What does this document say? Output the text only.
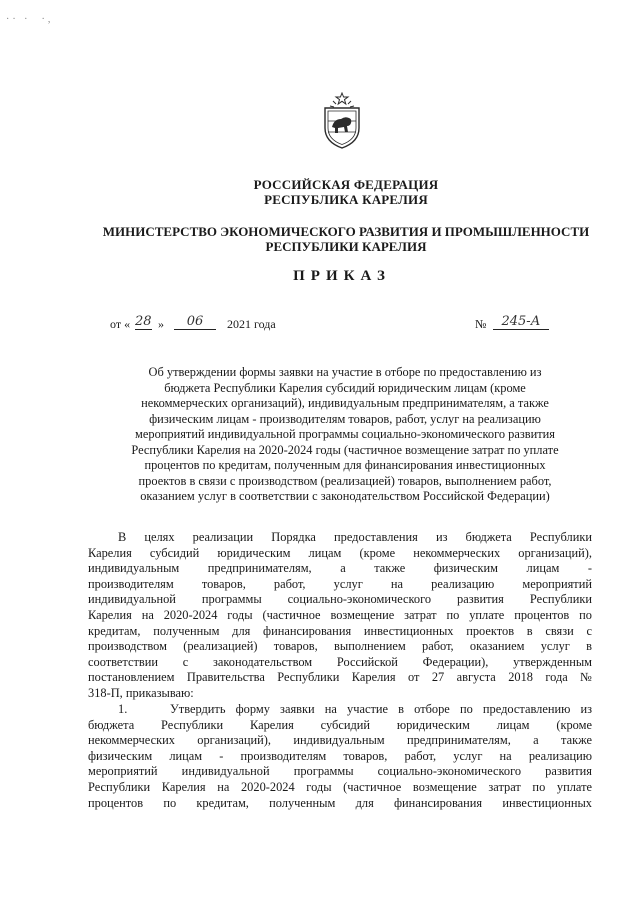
·· ·  ·,
РОССИЙСКАЯ ФЕДЕРАЦИЯ
РЕСПУБЛИКА КАРЕЛИЯ
МИНИСТЕРСТВО ЭКОНОМИЧЕСКОГО РАЗВИТИЯ И ПРОМЫШЛЕННОСТИ
РЕСПУБЛИКИ КАРЕЛИЯ
ПРИКАЗ
от « 28 »	06	2021 года	№	245-А
Об утверждении формы заявки на участие в отборе по предоставлению из
бюджета Республики Карелия субсидий юридическим лицам (кроме
некоммерческих организаций), индивидуальным предпринимателям, а также
физическим лицам - производителям товаров, работ, услуг на реализацию
мероприятий индивидуальной программы социально-экономического развития
Республики Карелия на 2020-2024 годы (частичное возмещение затрат по уплате
процентов по кредитам, полученным для финансирования инвестиционных
проектов в связи с производством (реализацией) товаров, выполнением работ,
оказанием услуг в соответствии с законодательством Российской Федерации)
В целях реализации Порядка предоставления из бюджета Республики
Карелия субсидий юридическим лицам (кроме некоммерческих организаций),
индивидуальным предпринимателям, а также физическим лицам -
производителям товаров, работ, услуг на реализацию мероприятий
индивидуальной программы социально-экономического развития Республики
Карелия на 2020-2024 годы (частичное возмещение затрат по уплате процентов по
кредитам, полученным для финансирования инвестиционных проектов в связи с
производством (реализацией) товаров, выполнением работ, оказанием услуг в
соответствии с законодательством Российской Федерации), утвержденным
постановлением Правительства Республики Карелия от 27 августа 2018 года №
318-П, приказываю:
1.	Утвердить форму заявки на участие в отборе по предоставлению из
бюджета Республики Карелия субсидий юридическим лицам (кроме
некоммерческих организаций), индивидуальным предпринимателям, а также
физическим лицам - производителям товаров, работ, услуг на реализацию
мероприятий индивидуальной программы социально-экономического развития
Республики Карелия на 2020-2024 годы (частичное возмещение затрат по уплате
процентов по кредитам, полученным для финансирования инвестиционных
